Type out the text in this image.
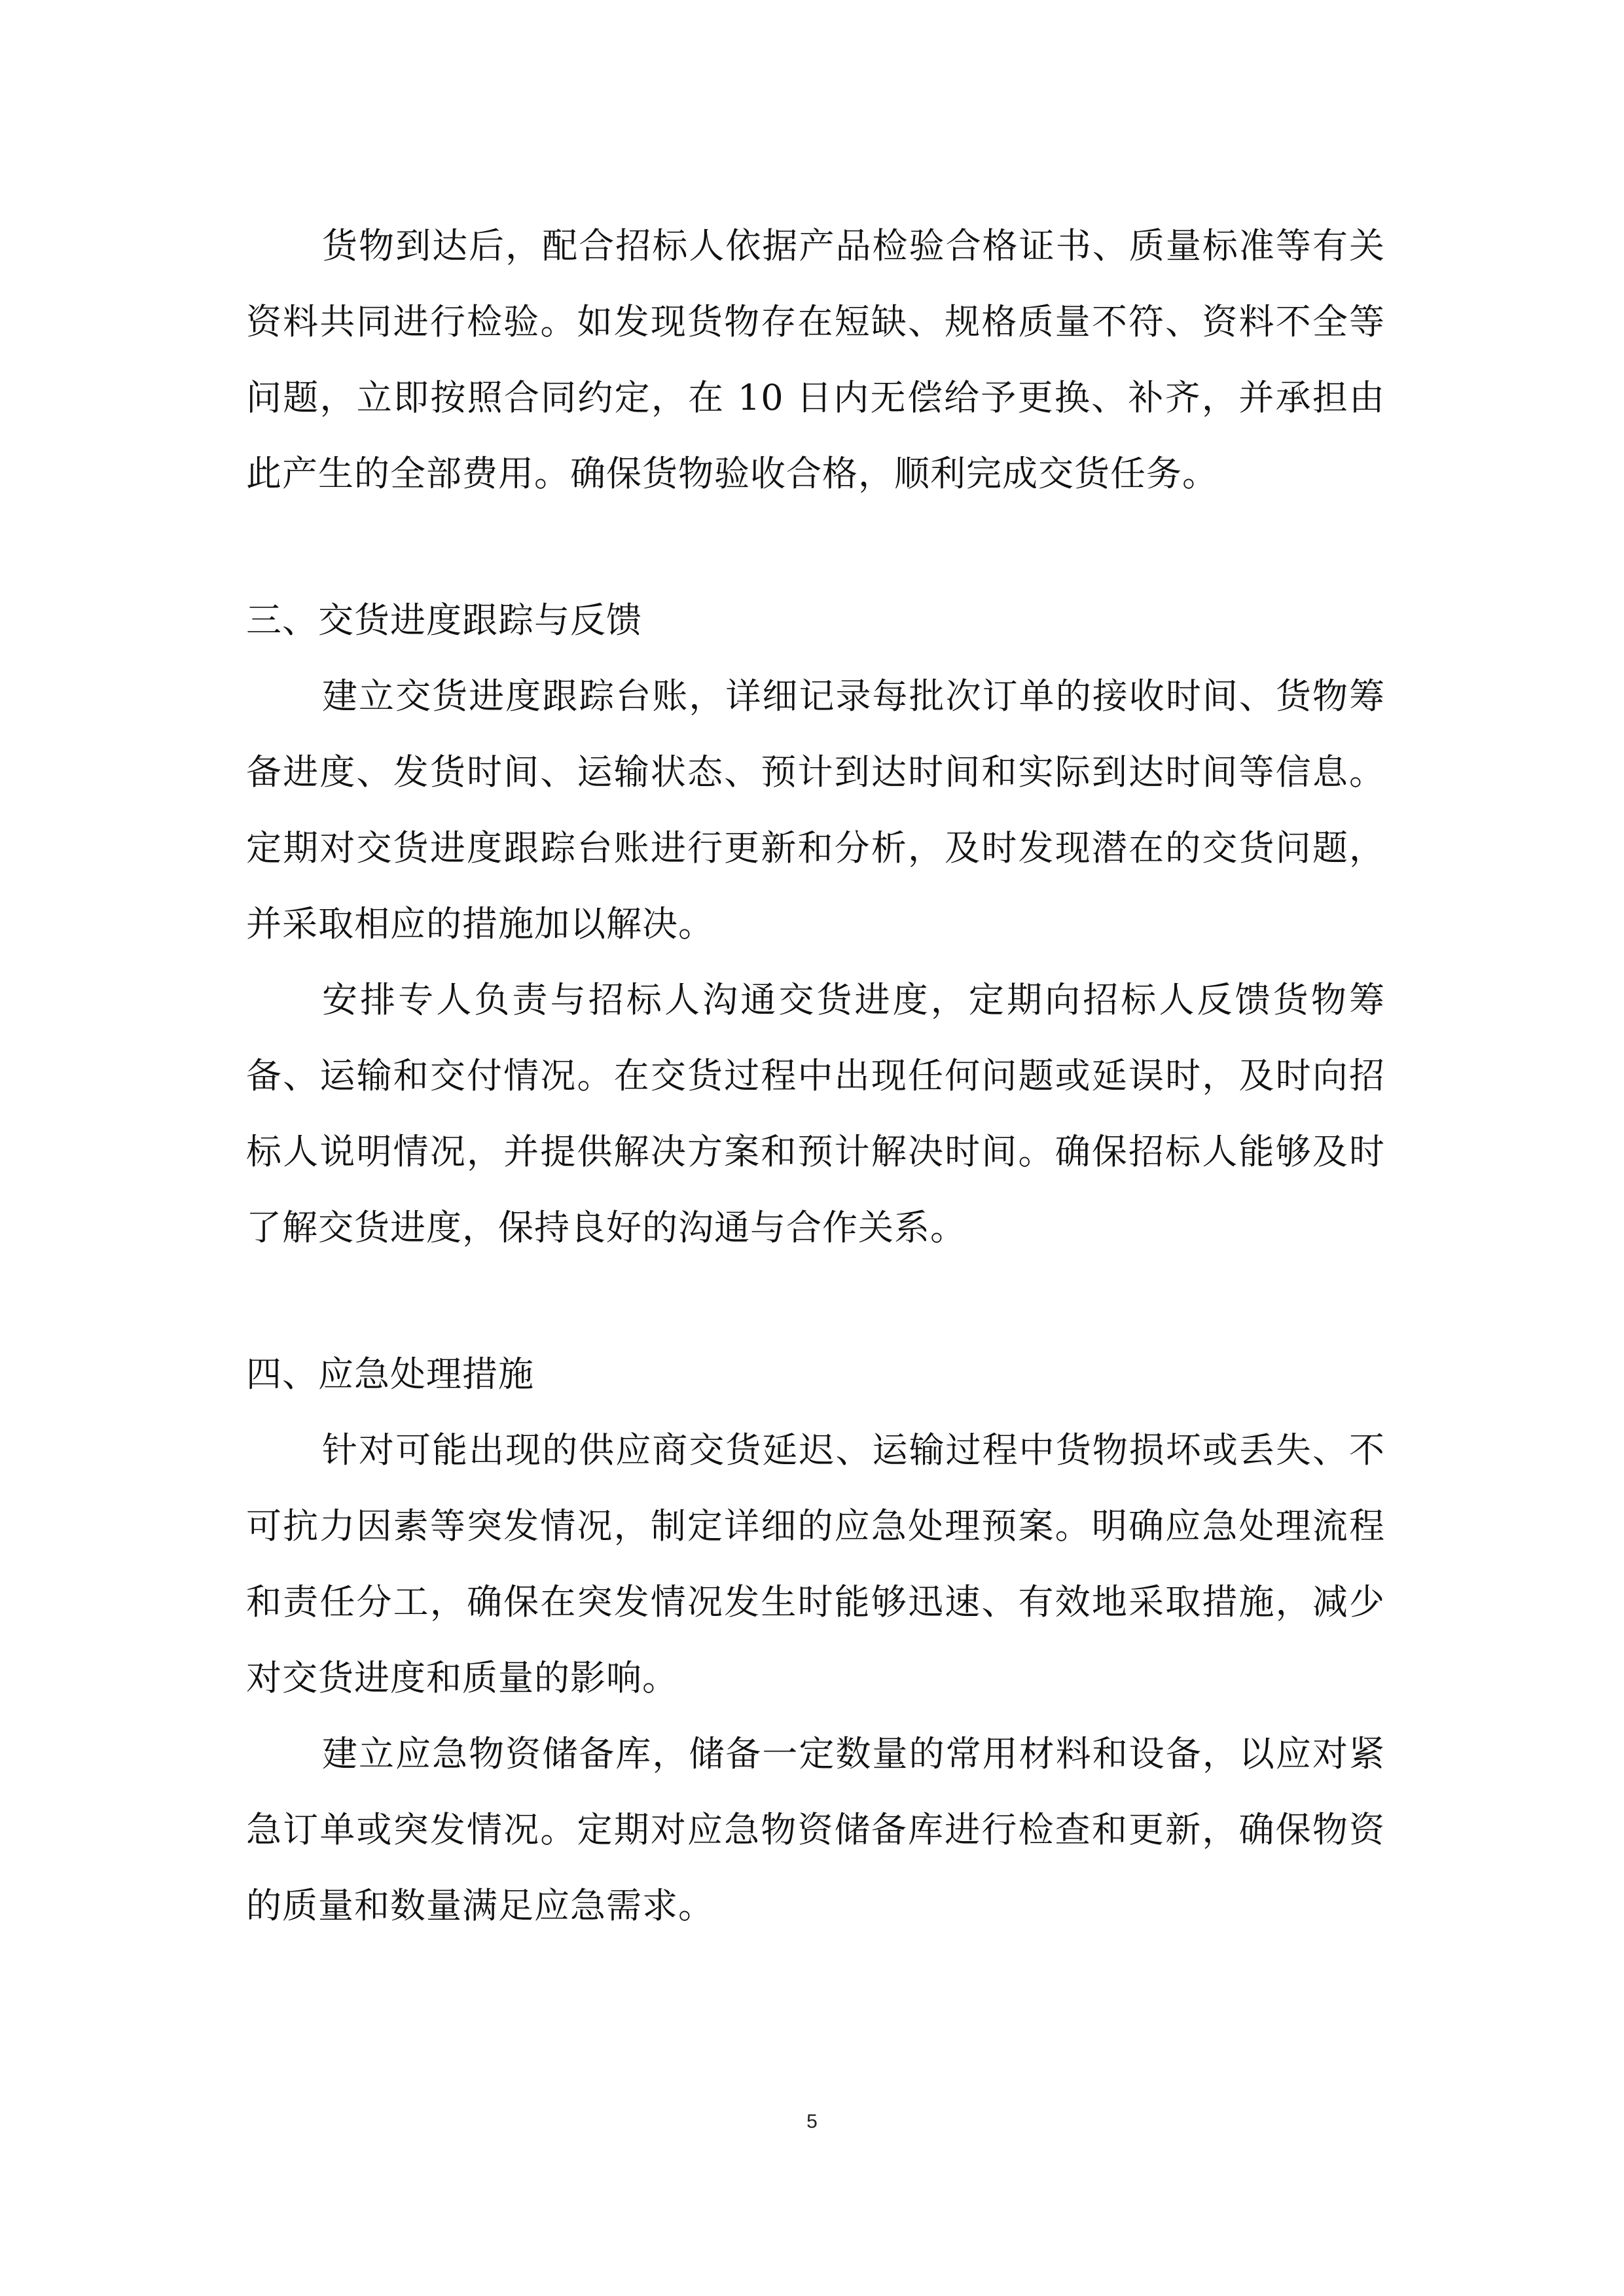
货物到达后，配合招标人依据产品检验合格证书、质量标准等有关资料共同进行检验。如发现货物存在短缺、规格质量不符、资料不全等问题，立即按照合同约定，在 10 日内无偿给予更换、补齐，并承担由此产生的全部费用。确保货物验收合格，顺利完成交货任务。

三、交货进度跟踪与反馈

建立交货进度跟踪台账，详细记录每批次订单的接收时间、货物筹备进度、发货时间、运输状态、预计到达时间和实际到达时间等信息。定期对交货进度跟踪台账进行更新和分析，及时发现潜在的交货问题，并采取相应的措施加以解决。

安排专人负责与招标人沟通交货进度，定期向招标人反馈货物筹备、运输和交付情况。在交货过程中出现任何问题或延误时，及时向招标人说明情况，并提供解决方案和预计解决时间。确保招标人能够及时了解交货进度，保持良好的沟通与合作关系。

四、应急处理措施

针对可能出现的供应商交货延迟、运输过程中货物损坏或丢失、不可抗力因素等突发情况，制定详细的应急处理预案。明确应急处理流程和责任分工，确保在突发情况发生时能够迅速、有效地采取措施，减少对交货进度和质量的影响。

建立应急物资储备库，储备一定数量的常用材料和设备，以应对紧急订单或突发情况。定期对应急物资储备库进行检查和更新，确保物资的质量和数量满足应急需求。

5
